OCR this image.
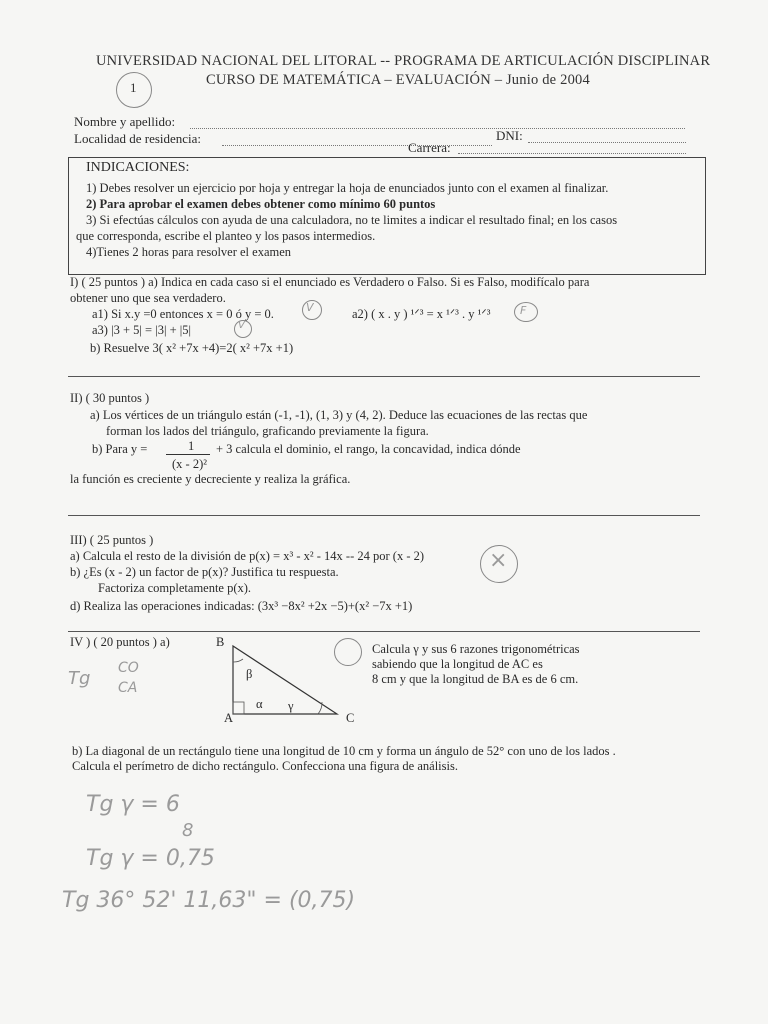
1
UNIVERSIDAD NACIONAL DEL LITORAL -- PROGRAMA DE ARTICULACIÓN DISCIPLINAR
CURSO DE MATEMÁTICA – EVALUACIÓN – Junio de 2004
Nombre y apellido:
Localidad de residencia:	DNI:
Carrera:
INDICACIONES:
1) Debes resolver un ejercicio por hoja y entregar la hoja de enunciados junto con el examen al finalizar.
2) Para aprobar el examen debes obtener como mínimo 60 puntos
3) Si efectúas cálculos con ayuda de una calculadora, no te limites a indicar el resultado final; en los casos
que corresponda, escribe el planteo y los pasos intermedios.
4)Tienes 2 horas para resolver el examen
I) ( 25 puntos ) a) Indica en cada caso si el enunciado es Verdadero o Falso. Si es Falso, modifícalo para
obtener uno que sea verdadero.
a1) Si x.y =0 entonces x = 0 ó y = 0.	V	a2) ( x . y ) ¹ᐟ³ = x ¹ᐟ³ . y ¹ᐟ³	F
a3) |3 + 5| = |3| + |5|	V
b) Resuelve 3( x² +7x +4)=2( x² +7x +1)
II) ( 30 puntos )
a) Los vértices de un triángulo están (-1, -1), (1, 3) y (4, 2). Deduce las ecuaciones de las rectas que
forman los lados del triángulo, graficando previamente la figura.
b) Para y =	1
(x - 2)²
+ 3 calcula el dominio, el rango, la concavidad, indica dónde
la función es creciente y decreciente y realiza la gráfica.
III) ( 25 puntos )
a) Calcula el resto de la división de p(x) = x³ - x² - 14x -- 24 por (x - 2)	×
b) ¿Es (x - 2) un factor de p(x)? Justifica tu respuesta.
Factoriza completamente p(x).
d) Realiza las operaciones indicadas: (3x³ −8x² +2x −5)+(x² −7x +1)
IV ) ( 20 puntos ) a)	B
A	C
β
α γ
Calcula γ y sus 6 razones trigonométricas
sabiendo que la longitud de AC es
8 cm y que la longitud de BA es de 6 cm.
b) La diagonal de un rectángulo tiene una longitud de 10 cm y forma un ángulo de 52° con uno de los lados .
Calcula el perímetro de dicho rectángulo. Confecciona una figura de análisis.
Tg CO
CA
Tg γ = 6
8
Tg γ = 0,75
Tg 36° 52' 11,63" = (0,75)
